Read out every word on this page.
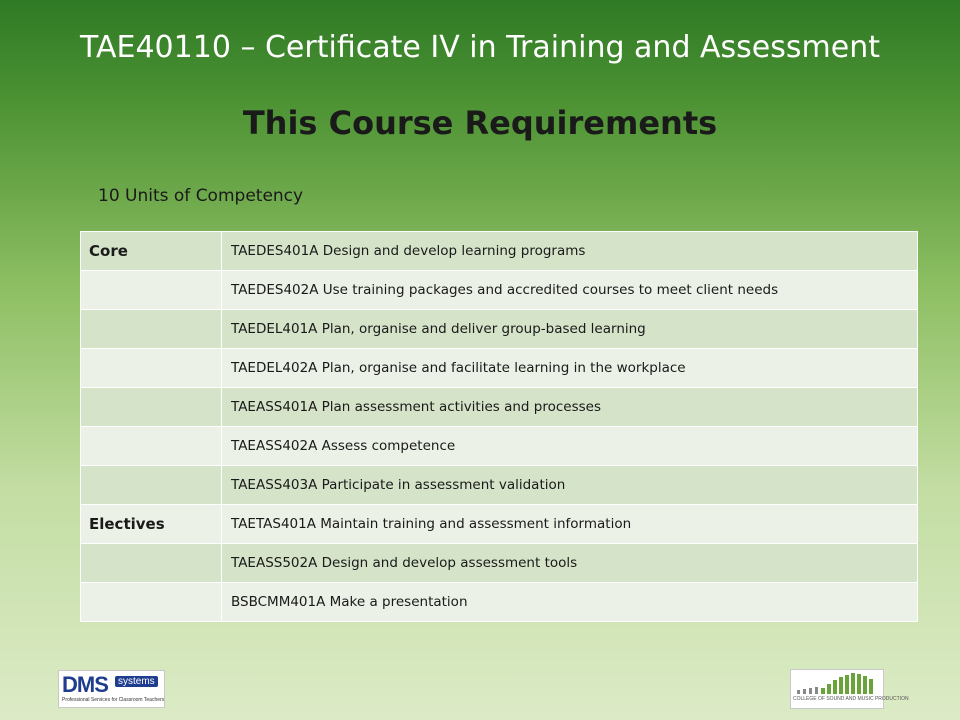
TAE40110 – Certificate IV in Training and Assessment
This Course Requirements
10 Units of Competency
Core	TAEDES401A Design and develop learning programs
	TAEDES402A Use training packages and accredited courses to meet client needs
	TAEDEL401A Plan, organise and deliver group-based learning
	TAEDEL402A Plan, organise and facilitate learning in the workplace
	TAEASS401A Plan assessment activities and processes
	TAEASS402A Assess competence
	TAEASS403A Participate in assessment validation
Electives	TAETAS401A Maintain training and assessment information
	TAEASS502A Design and develop assessment tools
	BSBCMM401A Make a presentation
DMS	systems
Professional Services for Classroom Teachers	COLLEGE OF SOUND AND MUSIC PRODUCTION
